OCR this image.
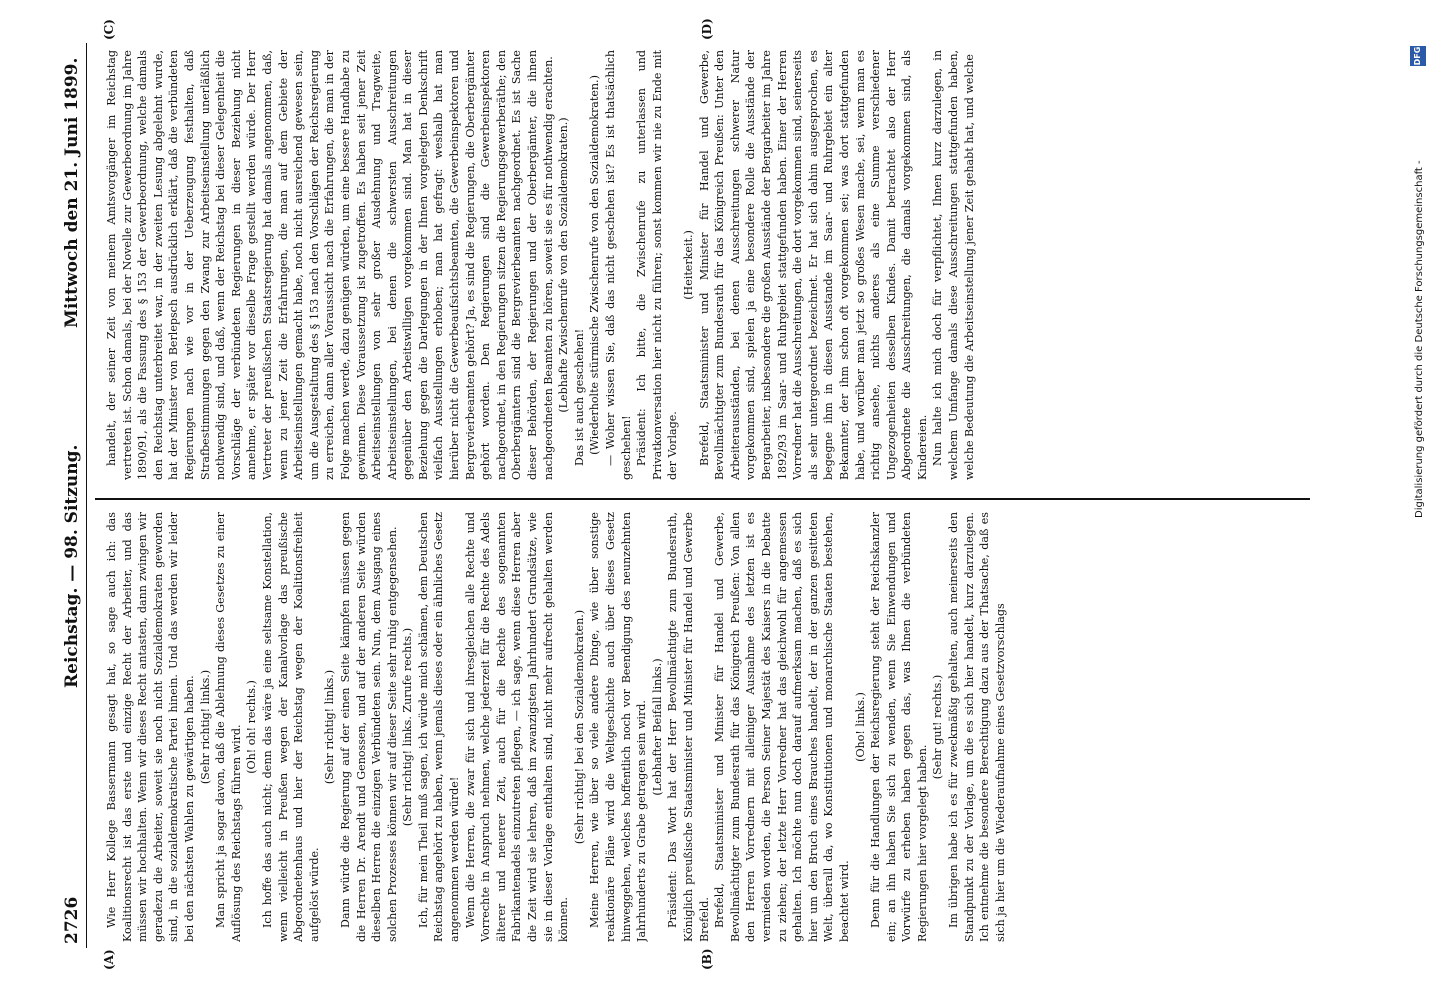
2726
Reichstag. — 98. Sitzung.
Mittwoch den 21. Juni 1899.
(A)	(B)
(C)	(D)

Wie Herr Kollege Bassermann gesagt hat, so sage auch ich: das Koalitionsrecht ist das erste und einzige Recht der Arbeiter, und das müssen wir hochhalten. Wenn wir dieses Recht antasten, dann zwingen wir geradezu die Arbeiter, soweit sie noch nicht Sozialdemokraten geworden sind, in die sozialdemokratische Partei hinein. Und das werden wir leider bei den nächsten Wahlen zu gewärtigen haben. (Sehr richtig! links.) Man spricht ja sogar davon, daß die Ablehnung dieses Gesetzes zu einer Auflösung des Reichstags führen wird. (Oh! oh! rechts.) Ich hoffe das auch nicht; denn das wäre ja eine seltsame Konstellation, wenn vielleicht in Preußen wegen der Kanalvorlage das preußische Abgeordnetenhaus und hier der Reichstag wegen der Koalitionsfreiheit aufgelöst würde.

(Sehr richtig! links.) Dann würde die Regierung auf der einen Seite kämpfen müssen gegen die Herren Dr. Arendt und Genossen, und auf der anderen Seite würden dieselben Herren die einzigen Verbündeten sein. Nun, dem Ausgang eines solchen Prozesses können wir auf dieser Seite sehr ruhig entgegensehen. (Sehr richtig! links. Zurufe rechts.) Ich, für mein Theil muß sagen, ich würde mich schämen, dem Deutschen Reichstag angehört zu haben, wenn jemals dieses oder ein ähnliches Gesetz angenommen werden würde! Wenn die Herren, die zwar für sich und ihresgleichen alle Rechte und Vorrechte in Anspruch nehmen, welche jederzeit für die Rechte des Adels älterer und neuerer Zeit, auch für die Rechte des sogenannten Fabrikantenadels einzutreten pflegen, — ich sage, wenn diese Herren aber die Zeit wird sie lehren, daß im zwanzigsten Jahrhundert Grundsätze, wie sie in dieser Vorlage enthalten sind, nicht mehr aufrecht gehalten werden können.

(Sehr richtig! bei den Sozialdemokraten.) Meine Herren, wie über so viele andere Dinge, wie über sonstige reaktionäre Pläne wird die Weltgeschichte auch über dieses Gesetz hinweggehen, welches hoffentlich noch vor Beendigung des neunzehnten Jahrhunderts zu Grabe getragen sein wird. (Lebhafter Beifall links.) Präsident: Das Wort hat der Herr Bevollmächtigte zum Bundesrath, Königlich preußische Staatsminister und Minister für Handel und Gewerbe Brefeld. Brefeld, Staatsminister und Minister für Handel und Gewerbe, Bevollmächtigter zum Bundesrath für das Königreich Preußen: Von allen den Herren Vorrednern mit alleiniger Ausnahme des letzten ist es vermieden worden, die Person Seiner Majestät des Kaisers in die Debatte zu ziehen; der letzte Herr Vorredner hat das gleichwohl für angemessen gehalten. Ich möchte nun doch darauf aufmerksam machen, daß es sich hier um den Bruch eines Brauches handelt, der in der ganzen gesitteten Welt, überall da, wo Konstitutionen und monarchische Staaten bestehen, beachtet wird.

(Oho! links.) Denn für die Handlungen der Reichsregierung steht der Reichskanzler ein; an ihn haben Sie sich zu wenden, wenn Sie Einwendungen und Vorwürfe zu erheben haben gegen das, was Ihnen die verbündeten Regierungen hier vorgelegt haben.

(Sehr gut! rechts.) Im übrigen habe ich es für zweckmäßig gehalten, auch meinerseits den Standpunkt zu der Vorlage, um die es sich hier handelt, kurz darzulegen. Ich entnehme die besondere Berechtigung dazu aus der Thatsache, daß es sich ja hier um die Wiederaufnahme eines Gesetzvorschlags

handelt, der seiner Zeit von meinem Amtsvorgänger im Reichstag vertreten ist. Schon damals, bei der Novelle zur Gewerbeordnung im Jahre 1890/91, als die Fassung des § 153 der Gewerbeordnung, welche damals den Reichstag unterbreitet war, in der zweiten Lesung abgelehnt wurde, hat der Minister von Berlepsch ausdrücklich erklärt, daß die verbündeten Regierungen nach wie vor in der Ueberzeugung festhalten, daß Strafbestimmungen gegen den Zwang zur Arbeitseinstellung unerläßlich nothwendig sind, und daß, wenn der Reichstag bei dieser Gelegenheit die Vorschläge der verbündeten Regierungen in dieser Beziehung nicht annehme, er später vor dieselbe Frage gestellt werden würde. Der Herr Vertreter der preußischen Staatsregierung hat damals angenommen, daß, wenn zu jener Zeit die Erfahrungen, die man auf dem Gebiete der Arbeitseinstellungen gemacht habe, noch nicht ausreichend gewesen sein, um die Ausgestaltung des § 153 nach den Vorschlägen der Reichsregierung zu erreichen, dann aller Voraussicht nach die Erfahrungen, die man in der Folge machen werde, dazu genügen würden, um eine bessere Handhabe zu gewinnen. Diese Voraussetzung ist zugetroffen. Es haben seit jener Zeit Arbeitseinstellungen von sehr großer Ausdehnung und Tragweite, Arbeitseinstellungen, bei denen die schwersten Ausschreitungen gegenüber den Arbeitswilligen vorgekommen sind. Man hat in dieser Beziehung gegen die Darlegungen in der Ihnen vorgelegten Denkschrift vielfach Ausstellungen erhoben; man hat gefragt: weshalb hat man hierüber nicht die Gewerbeaufsichtsbeamten, die Gewerbeinspektoren und Bergrevierbeamten gehört? Ja, es sind die Regierungen, die Oberbergämter gehört worden. Den Regierungen sind die Gewerbeinspektoren nachgeordnet, in den Regierungen sitzen die Regierungsgewerberäthe; den Oberbergämtern sind die Bergrevierbeamten nachgeordnet. Es ist Sache dieser Behörden, der Regierungen und der Oberbergämter, die ihnen nachgeordneten Beamten zu hören, soweit sie es für nothwendig erachten. (Lebhafte Zwischenrufe von den Sozialdemokraten.) Das ist auch geschehen! (Wiederholte stürmische Zwischenrufe von den Sozialdemokraten.) — Woher wissen Sie, daß das nicht geschehen ist? Es ist thatsächlich geschehen! Präsident: Ich bitte, die Zwischenrufe zu unterlassen und Privatkonversation hier nicht zu führen; sonst kommen wir nie zu Ende mit der Vorlage.

(Heiterkeit.) Brefeld, Staatsminister und Minister für Handel und Gewerbe, Bevollmächtigter zum Bundesrath für das Königreich Preußen: Unter den Arbeiterausständen, bei denen Ausschreitungen schwerer Natur vorgekommen sind, spielen ja eine besondere Rolle die Ausstände der Bergarbeiter, insbesondere die großen Ausstände der Bergarbeiter im Jahre 1892/93 im Saar- und Ruhrgebiet stattgefunden haben. Einer der Herren Vorredner hat die Ausschreitungen, die dort vorgekommen sind, seinerseits als sehr untergeordnet bezeichnet. Er hat sich dahin ausgesprochen, es begegne ihm in diesen Ausstande im Saar- und Ruhrgebiet ein alter Bekannter, der ihm schon oft vorgekommen sei; was dort stattgefunden habe, und worüber man jetzt so großes Wesen mache, sei, wenn man es richtig ansehe, nichts anderes als eine Summe verschiedener Ungezogenheiten desselben Kindes. Damit betrachtet also der Herr Abgeordnete die Ausschreitungen, die damals vorgekommen sind, als Kindereien. Nun halte ich mich doch für verpflichtet, Ihnen kurz darzulegen, in welchem Umfange damals diese Ausschreitungen stattgefunden haben, welche Bedeutung die Arbeitseinstellung jener Zeit gehabt hat, und welche	Digitalisierung gefördert durch die Deutsche Forschungsgemeinschaft -
DFG
